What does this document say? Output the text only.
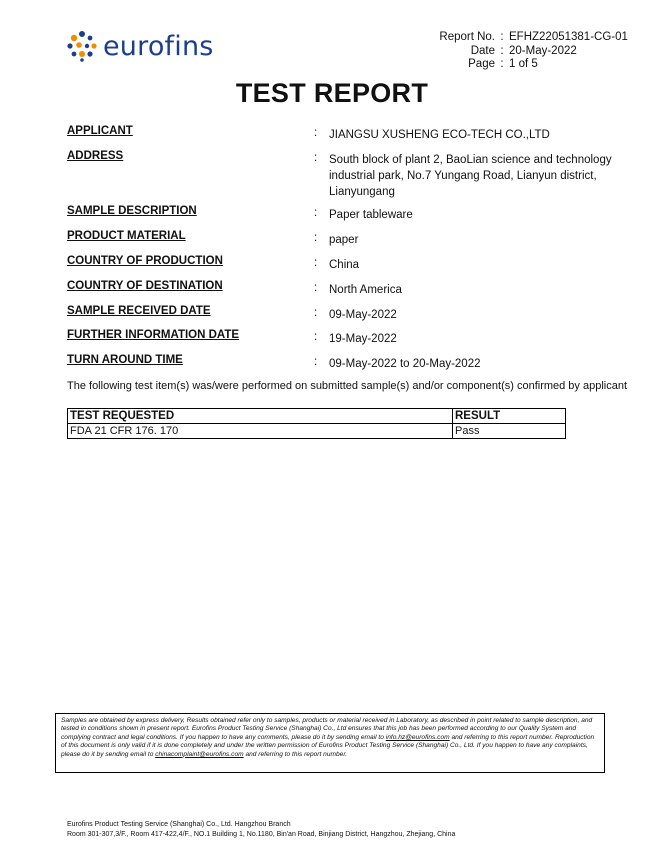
eurofins	Report No. : EFHZ22051381-CG-01
Date : 20-May-2022
Page : 1 of 5
TEST REPORT
APPLICANT	: JIANGSU XUSHENG ECO-TECH CO.,LTD
ADDRESS	: South block of plant 2, BaoLian science and technology industrial park, No.7 Yungang Road, Lianyun district, Lianyungang
SAMPLE DESCRIPTION	: Paper tableware
PRODUCT MATERIAL	: paper
COUNTRY OF PRODUCTION	: China
COUNTRY OF DESTINATION	: North America
SAMPLE RECEIVED DATE	: 09-May-2022
FURTHER INFORMATION DATE	: 19-May-2022
TURN AROUND TIME	: 09-May-2022 to 20-May-2022
The following test item(s) was/were performed on submitted sample(s) and/or component(s) confirmed by applicant
TEST REQUESTED	RESULT
FDA 21 CFR 176. 170	Pass
Samples are obtained by express delivery, Results obtained refer only to samples, products or material received in Laboratory, as described in point related to sample description, and tested in conditions shown in present report. Eurofins Product Testing Service (Shanghai) Co., Ltd ensures that this job has been performed according to our Quality System and complying contract and legal conditions. If you happen to have any comments, please do it by sending email to info.hz@eurofins.com and referring to this report number. Reproduction of this document is only valid if it is done completely and under the written permission of Eurofins Product Testing Service (Shanghai) Co., Ltd. If you happen to have any complaints, please do it by sending email to chinacomplaint@eurofins.com and referring to this report number.
Eurofins Product Testing Service (Shanghai) Co., Ltd. Hangzhou Branch
Room 301-307,3/F., Room 417-422,4/F., NO.1 Building 1, No.1180, Bin'an Road, Binjiang District, Hangzhou, Zhejiang, China
